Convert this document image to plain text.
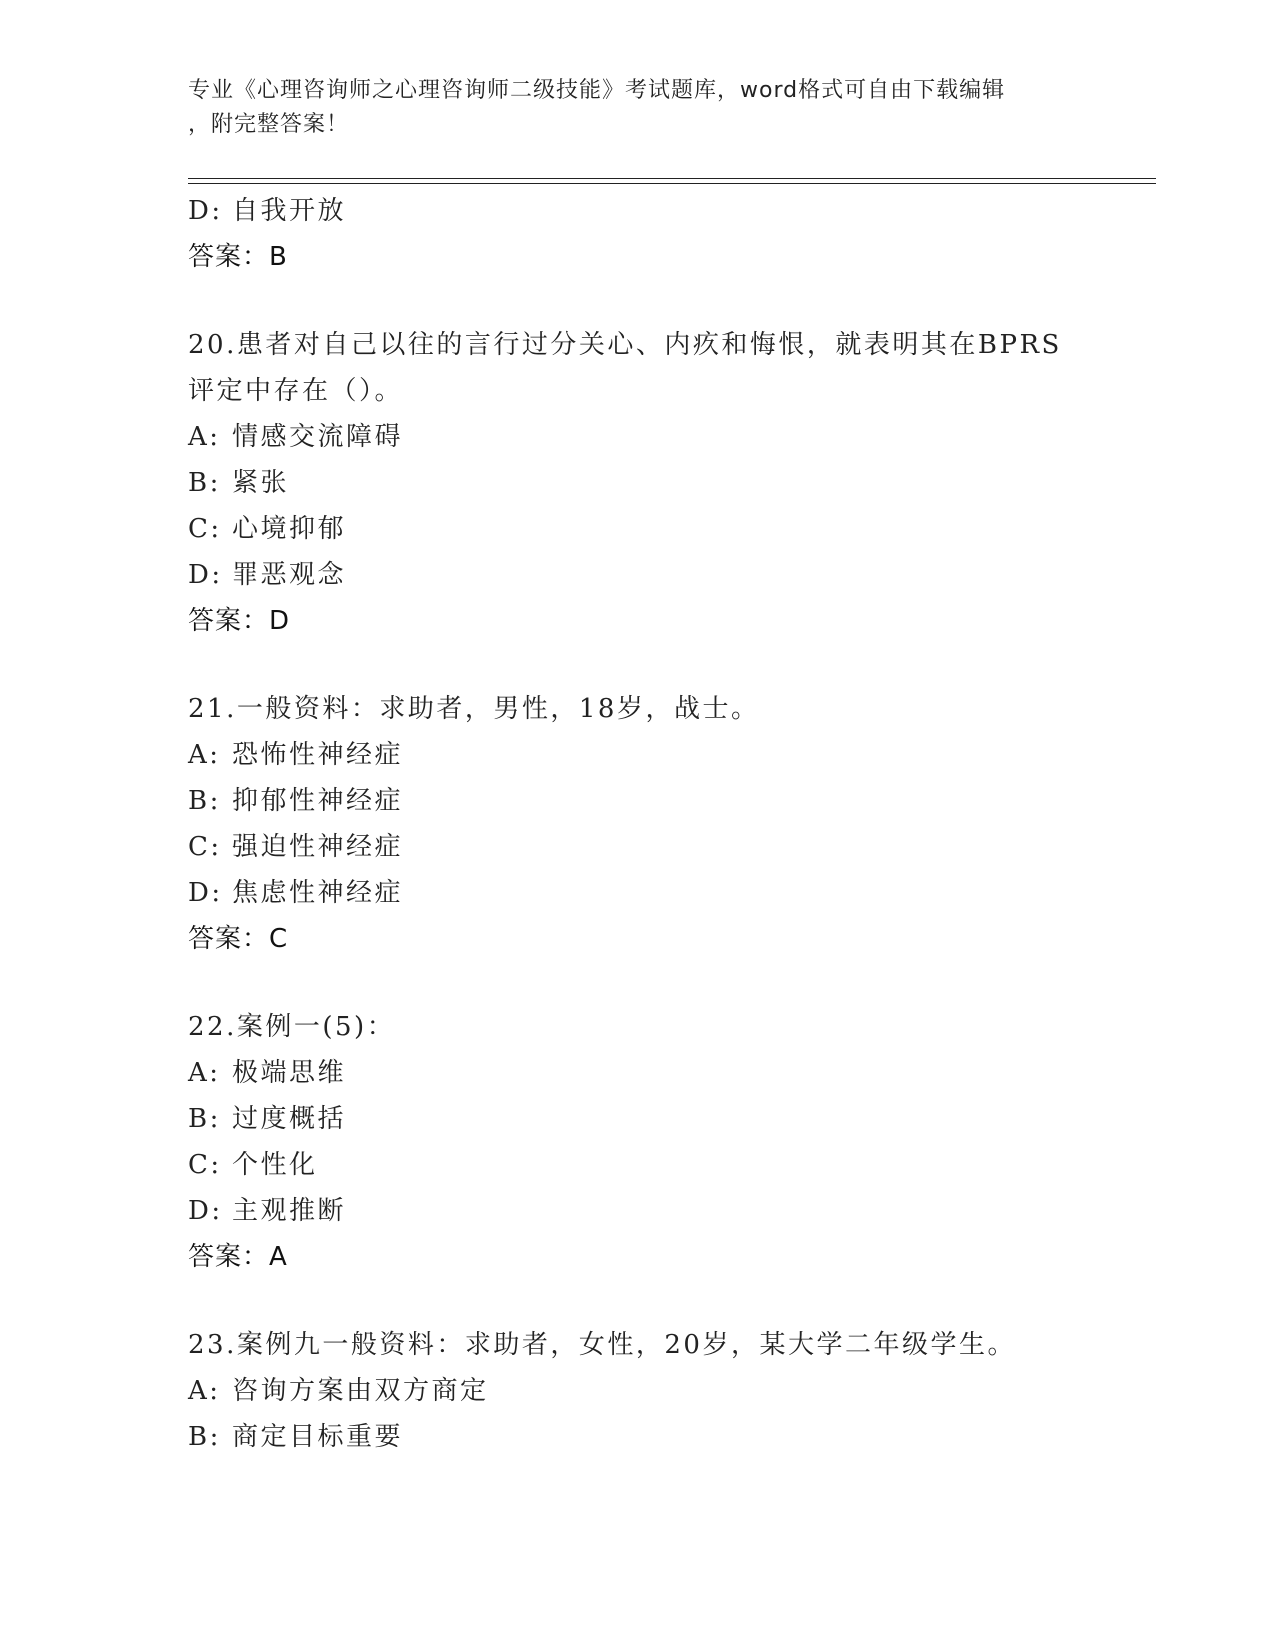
专业《心理咨询师之心理咨询师二级技能》考试题库，word格式可自由下载编辑
，附完整答案！
D: 自我开放
答案：B
20.患者对自己以往的言行过分关心、内疚和悔恨，就表明其在BPRS
评定中存在（）。
A: 情感交流障碍
B: 紧张
C: 心境抑郁
D: 罪恶观念
答案：D
21.一般资料：求助者，男性，18岁，战士。
A: 恐怖性神经症
B: 抑郁性神经症
C: 强迫性神经症
D: 焦虑性神经症
答案：C
22.案例一(5)：
A: 极端思维
B: 过度概括
C: 个性化
D: 主观推断
答案：A
23.案例九一般资料：求助者，女性，20岁，某大学二年级学生。
A: 咨询方案由双方商定
B: 商定目标重要
